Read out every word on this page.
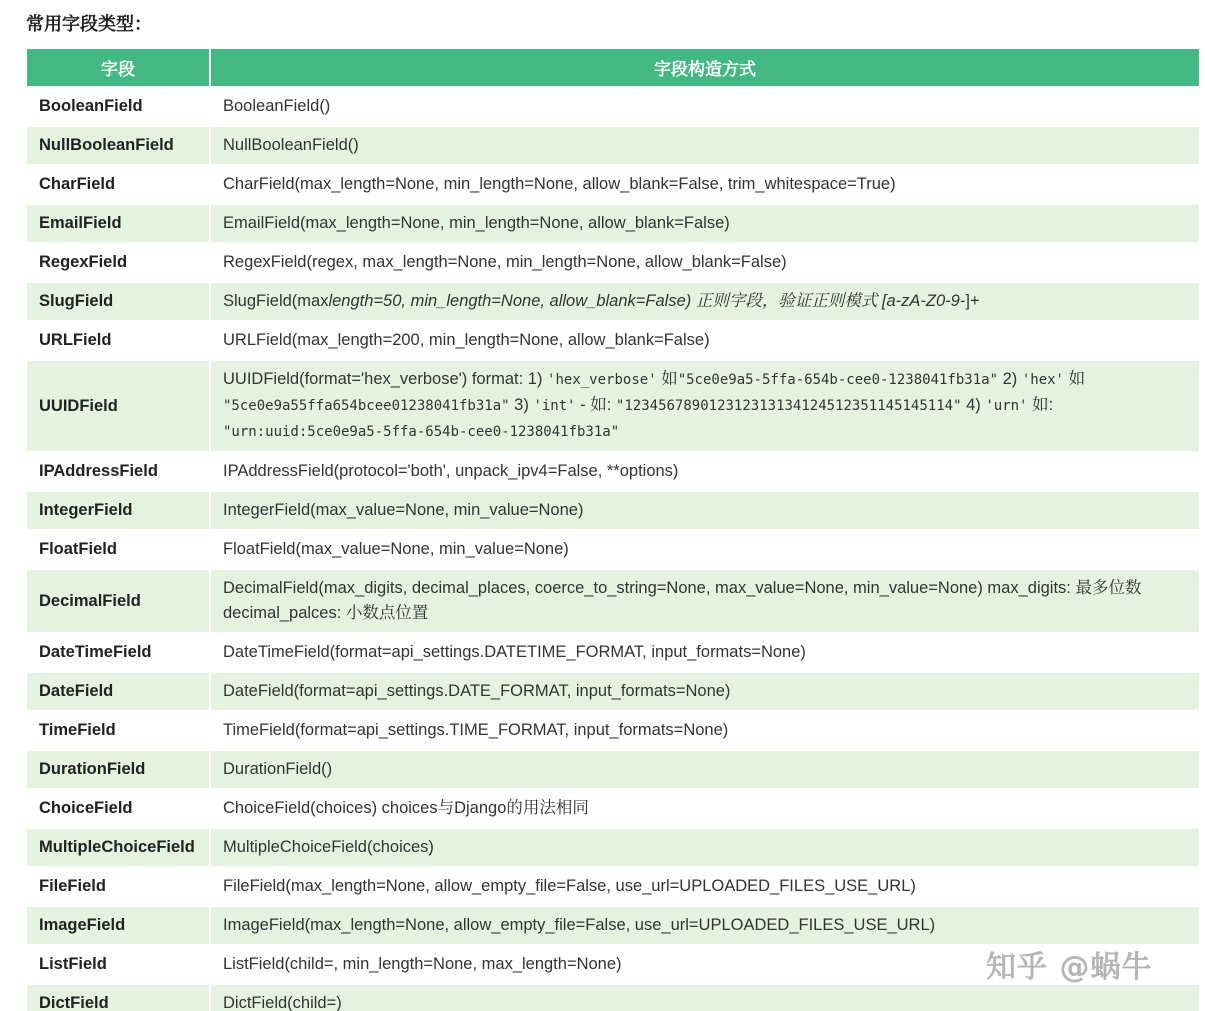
常用字段类型：
字段	字段构造方式
BooleanField	BooleanField()
NullBooleanField	NullBooleanField()
CharField	CharField(max_length=None, min_length=None, allow_blank=False, trim_whitespace=True)
EmailField	EmailField(max_length=None, min_length=None, allow_blank=False)
RegexField	RegexField(regex, max_length=None, min_length=None, allow_blank=False)
SlugField	SlugField(maxlength=50, min_length=None, allow_blank=False) 正则字段，验证正则模式 [a-zA-Z0-9-]+
URLField	URLField(max_length=200, min_length=None, allow_blank=False)
UUIDField	UUIDField(format='hex_verbose') format: 1) 'hex_verbose' 如"5ce0e9a5-5ffa-654b-cee0-1238041fb31a" 2) 'hex' 如 "5ce0e9a55ffa654bcee01238041fb31a" 3) 'int' - 如: "123456789012312313134124512351145145114" 4) 'urn' 如: "urn:uuid:5ce0e9a5-5ffa-654b-cee0-1238041fb31a"
IPAddressField	IPAddressField(protocol='both', unpack_ipv4=False, **options)
IntegerField	IntegerField(max_value=None, min_value=None)
FloatField	FloatField(max_value=None, min_value=None)
DecimalField	DecimalField(max_digits, decimal_places, coerce_to_string=None, max_value=None, min_value=None) max_digits: 最多位数 decimal_palces: 小数点位置
DateTimeField	DateTimeField(format=api_settings.DATETIME_FORMAT, input_formats=None)
DateField	DateField(format=api_settings.DATE_FORMAT, input_formats=None)
TimeField	TimeField(format=api_settings.TIME_FORMAT, input_formats=None)
DurationField	DurationField()
ChoiceField	ChoiceField(choices) choices与Django的用法相同
MultipleChoiceField	MultipleChoiceField(choices)
FileField	FileField(max_length=None, allow_empty_file=False, use_url=UPLOADED_FILES_USE_URL)
ImageField	ImageField(max_length=None, allow_empty_file=False, use_url=UPLOADED_FILES_USE_URL)
ListField	ListField(child=, min_length=None, max_length=None)
DictField	DictField(child=)

知乎 @蜗牛
